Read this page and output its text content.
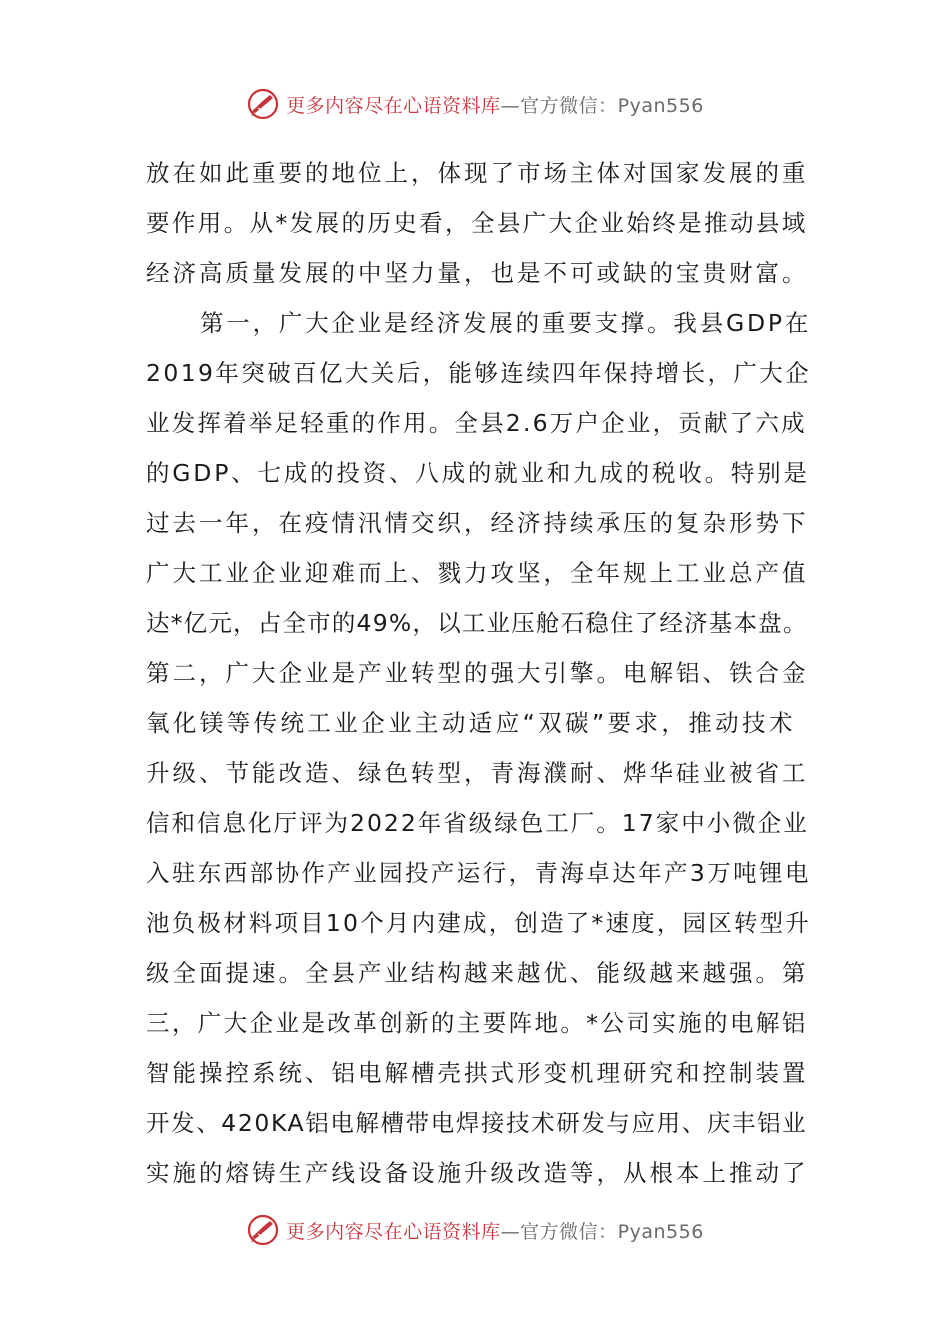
更多内容尽在心语资料库—官方微信：Pyan556
放在如此重要的地位上，体现了市场主体对国家发展的重
要作用。从*发展的历史看，全县广大企业始终是推动县域
经济高质量发展的中坚力量，也是不可或缺的宝贵财富。
第一，广大企业是经济发展的重要支撑。我县GDP在
2019年突破百亿大关后，能够连续四年保持增长，广大企
业发挥着举足轻重的作用。全县2.6万户企业，贡献了六成
的GDP、七成的投资、八成的就业和九成的税收。特别是
过去一年，在疫情汛情交织，经济持续承压的复杂形势下
广大工业企业迎难而上、戮力攻坚，全年规上工业总产值
达*亿元，占全市的49%，以工业压舱石稳住了经济基本盘。
第二，广大企业是产业转型的强大引擎。电解铝、铁合金
氧化镁等传统工业企业主动适应“双碳”要求，推动技术
升级、节能改造、绿色转型，青海濮耐、烨华硅业被省工
信和信息化厅评为2022年省级绿色工厂。17家中小微企业
入驻东西部协作产业园投产运行，青海卓达年产3万吨锂电
池负极材料项目10个月内建成，创造了*速度，园区转型升
级全面提速。全县产业结构越来越优、能级越来越强。第
三，广大企业是改革创新的主要阵地。*公司实施的电解铝
智能操控系统、铝电解槽壳拱式形变机理研究和控制装置
开发、420KA铝电解槽带电焊接技术研发与应用、庆丰铝业
实施的熔铸生产线设备设施升级改造等，从根本上推动了
更多内容尽在心语资料库—官方微信：Pyan556
